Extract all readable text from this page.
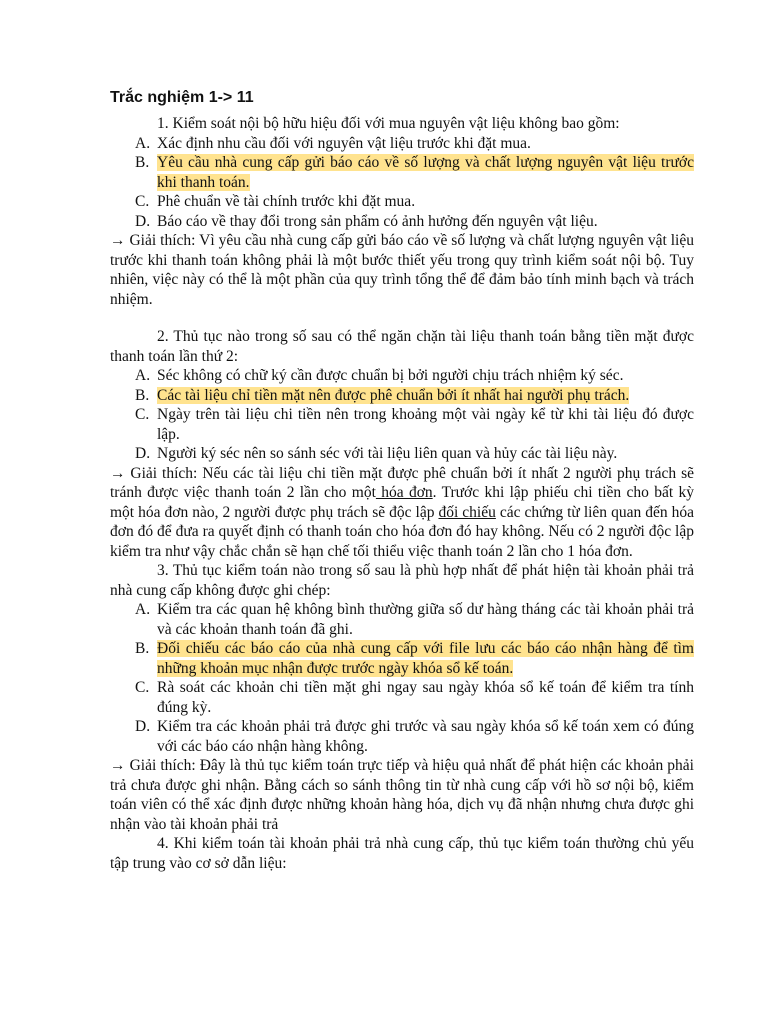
Trắc nghiệm 1-> 11

1. Kiểm soát nội bộ hữu hiệu đối với mua nguyên vật liệu không bao gồm:

A. Xác định nhu cầu đối với nguyên vật liệu trước khi đặt mua.
B. Yêu cầu nhà cung cấp gửi báo cáo về số lượng và chất lượng nguyên vật liệu trước khi thanh toán.
C. Phê chuẩn về tài chính trước khi đặt mua.
D. Báo cáo về thay đổi trong sản phẩm có ảnh hưởng đến nguyên vật liệu.

→ Giải thích: Vì yêu cầu nhà cung cấp gửi báo cáo về số lượng và chất lượng nguyên vật liệu trước khi thanh toán không phải là một bước thiết yếu trong quy trình kiểm soát nội bộ. Tuy nhiên, việc này có thể là một phần của quy trình tổng thể để đảm bảo tính minh bạch và trách nhiệm.

2. Thủ tục nào trong số sau có thể ngăn chặn tài liệu thanh toán bằng tiền mặt được thanh toán lần thứ 2:

A. Séc không có chữ ký cần được chuẩn bị bởi người chịu trách nhiệm ký séc.
B. Các tài liệu chỉ tiền mặt nên được phê chuẩn bởi ít nhất hai người phụ trách.
C. Ngày trên tài liệu chi tiền nên trong khoảng một vài ngày kể từ khi tài liệu đó được lập.
D. Người ký séc nên so sánh séc với tài liệu liên quan và hủy các tài liệu này.

→ Giải thích: Nếu các tài liệu chi tiền mặt được phê chuẩn bởi ít nhất 2 người phụ trách sẽ tránh được việc thanh toán 2 lần cho một hóa đơn. Trước khi lập phiếu chi tiền cho bất kỳ một hóa đơn nào, 2 người được phụ trách sẽ độc lập đối chiếu các chứng từ liên quan đến hóa đơn đó để đưa ra quyết định có thanh toán cho hóa đơn đó hay không. Nếu có 2 người độc lập kiểm tra như vậy chắc chắn sẽ hạn chế tối thiểu việc thanh toán 2 lần cho 1 hóa đơn.

3. Thủ tục kiểm toán nào trong số sau là phù hợp nhất để phát hiện tài khoản phải trả nhà cung cấp không được ghi chép:

A. Kiểm tra các quan hệ không bình thường giữa số dư hàng tháng các tài khoản phải trả và các khoản thanh toán đã ghi.
B. Đối chiếu các báo cáo của nhà cung cấp với file lưu các báo cáo nhận hàng để tìm những khoản mục nhận được trước ngày khóa sổ kế toán.
C. Rà soát các khoản chi tiền mặt ghi ngay sau ngày khóa sổ kế toán để kiểm tra tính đúng kỳ.
D. Kiểm tra các khoản phải trả được ghi trước và sau ngày khóa sổ kế toán xem có đúng với các báo cáo nhận hàng không.

→ Giải thích: Đây là thủ tục kiểm toán trực tiếp và hiệu quả nhất để phát hiện các khoản phải trả chưa được ghi nhận. Bằng cách so sánh thông tin từ nhà cung cấp với hồ sơ nội bộ, kiểm toán viên có thể xác định được những khoản hàng hóa, dịch vụ đã nhận nhưng chưa được ghi nhận vào tài khoản phải trả

4. Khi kiểm toán tài khoản phải trả nhà cung cấp, thủ tục kiểm toán thường chủ yếu tập trung vào cơ sở dẫn liệu:
